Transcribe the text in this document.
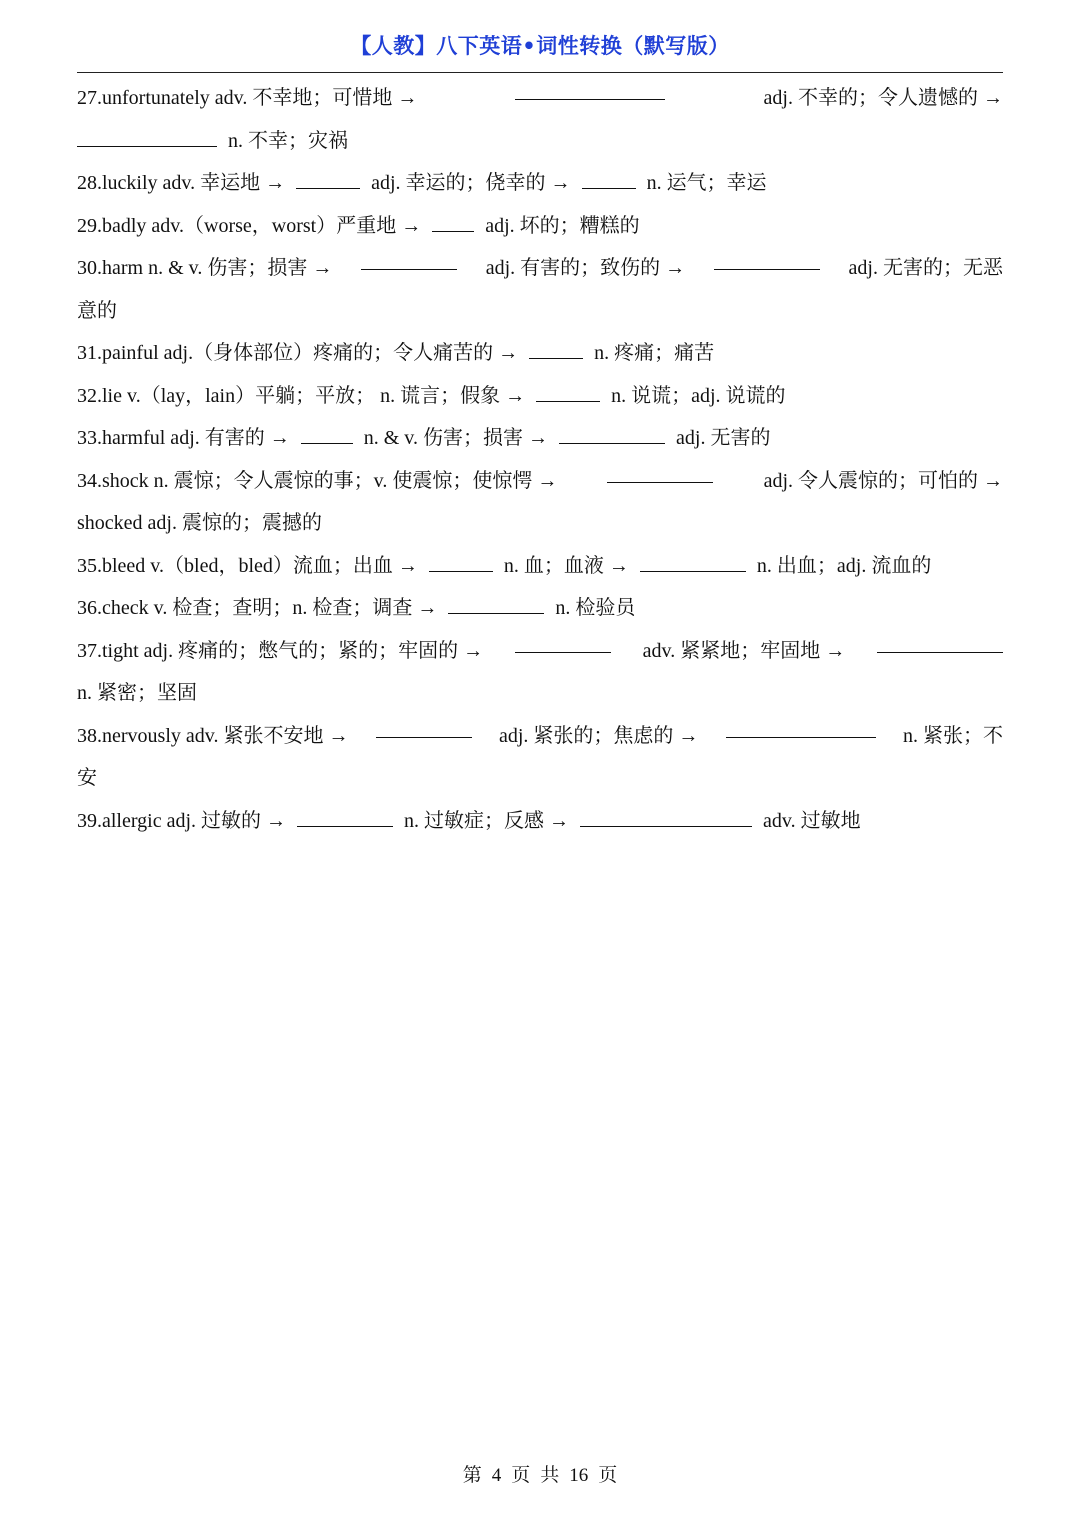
【人教】八下英语•词性转换（默写版）
27.unfortunately adv. 不幸地；可惜地 →	adj. 不幸的；令人遗憾的 →
n. 不幸；灾祸
28.luckily adv. 幸运地 →	adj. 幸运的；侥幸的 →	n. 运气；幸运
29.badly adv.（worse，worst）严重地 →	adj. 坏的；糟糕的
30.harm n. & v. 伤害；损害 →	adj. 有害的；致伤的 →	adj. 无害的；无恶
意的
31.painful adj.（身体部位）疼痛的；令人痛苦的 →	n. 疼痛；痛苦
32.lie v.（lay，lain）平躺；平放； n. 谎言；假象 →	n. 说谎；adj. 说谎的
33.harmful adj. 有害的 →	n. & v. 伤害；损害 →	adj. 无害的
34.shock n. 震惊；令人震惊的事；v. 使震惊；使惊愕 →	adj. 令人震惊的；可怕的 →
shocked adj. 震惊的；震撼的
35.bleed v.（bled，bled）流血；出血 →	n. 血；血液 →	n. 出血；adj. 流血的
36.check v. 检查；查明；n. 检查；调查 →	n. 检验员
37.tight adj. 疼痛的；憋气的；紧的；牢固的 →	adv. 紧紧地；牢固地 →
n. 紧密；坚固
38.nervously adv. 紧张不安地 →	adj. 紧张的；焦虑的 →	n. 紧张；不
安
39.allergic adj. 过敏的 →	n. 过敏症；反感 →	adv. 过敏地
第 4 页 共 16 页
